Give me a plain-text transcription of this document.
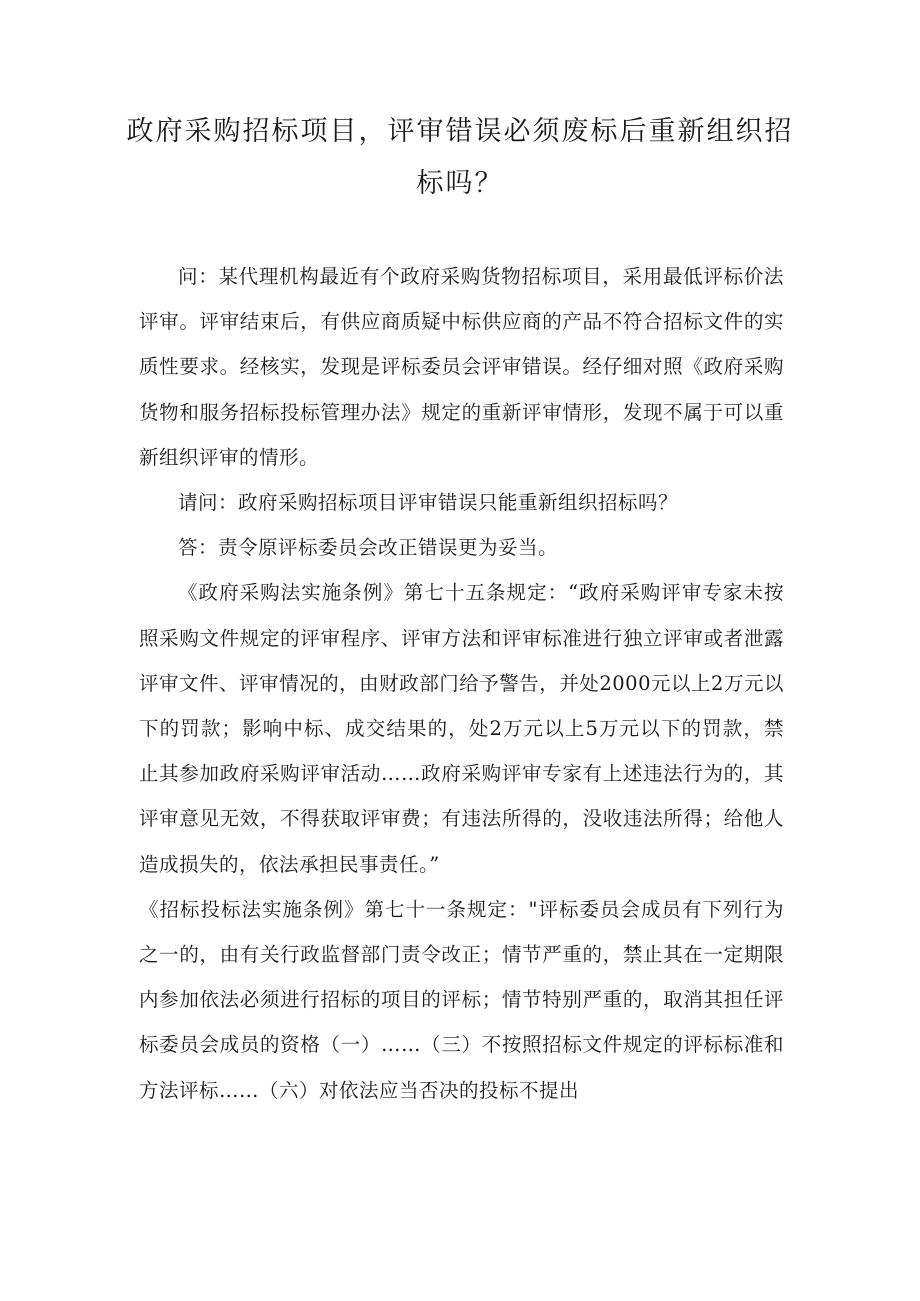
政府采购招标项目，评审错误必须废标后重新组织招标吗？

问：某代理机构最近有个政府采购货物招标项目，采用最低评标价法评审。评审结束后，有供应商质疑中标供应商的产品不符合招标文件的实质性要求。经核实，发现是评标委员会评审错误。经仔细对照《政府采购货物和服务招标投标管理办法》规定的重新评审情形，发现不属于可以重新组织评审的情形。

请问：政府采购招标项目评审错误只能重新组织招标吗？

答：责令原评标委员会改正错误更为妥当。

《政府采购法实施条例》第七十五条规定：“政府采购评审专家未按照采购文件规定的评审程序、评审方法和评审标准进行独立评审或者泄露评审文件、评审情况的，由财政部门给予警告，并处2000元以上2万元以下的罚款；影响中标、成交结果的，处2万元以上5万元以下的罚款，禁止其参加政府采购评审活动……政府采购评审专家有上述违法行为的，其评审意见无效，不得获取评审费；有违法所得的，没收违法所得；给他人造成损失的，依法承担民事责任。”

《招标投标法实施条例》第七十一条规定："评标委员会成员有下列行为之一的，由有关行政监督部门责令改正；情节严重的，禁止其在一定期限内参加依法必须进行招标的项目的评标；情节特别严重的，取消其担任评标委员会成员的资格（一）……（三）不按照招标文件规定的评标标准和方法评标……（六）对依法应当否决的投标不提出
